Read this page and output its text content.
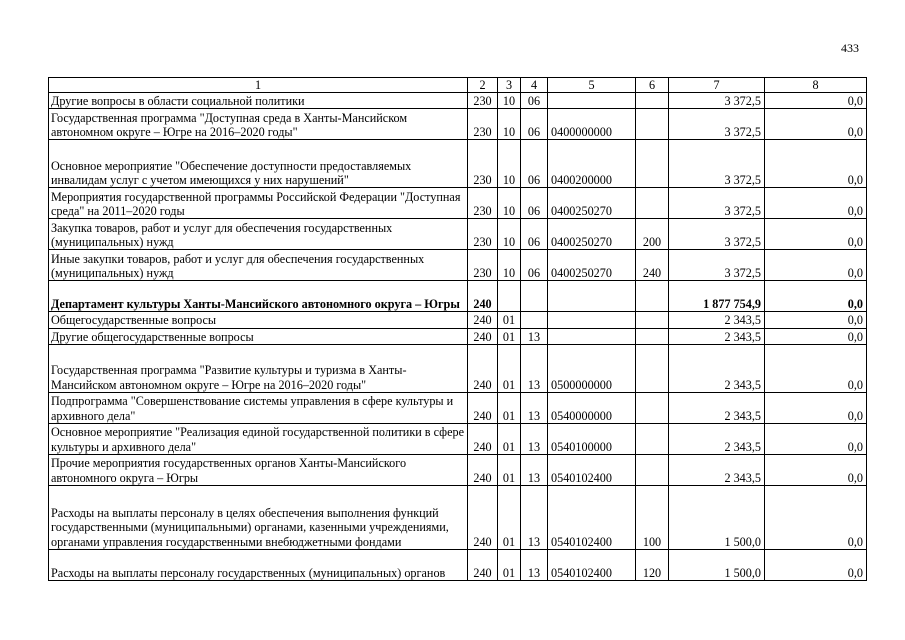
433
1	2	3	4	5	6	7	8
Другие вопросы в области социальной политики	230	10	06			3 372,5	0,0
Государственная программа "Доступная среда в Ханты-Мансийском автономном округе – Югре на 2016–2020 годы"	230	10	06	0400000000		3 372,5	0,0
Основное мероприятие "Обеспечение доступности предоставляемых инвалидам услуг с учетом имеющихся у них нарушений"	230	10	06	0400200000		3 372,5	0,0
Мероприятия государственной программы Российской Федерации "Доступная среда" на 2011–2020 годы	230	10	06	0400250270		3 372,5	0,0
Закупка товаров, работ и услуг для обеспечения государственных (муниципальных) нужд	230	10	06	0400250270	200	3 372,5	0,0
Иные закупки товаров, работ и услуг для обеспечения государственных (муниципальных) нужд	230	10	06	0400250270	240	3 372,5	0,0
Департамент культуры Ханты-Мансийского автономного округа – Югры	240					1 877 754,9	0,0
Общегосударственные вопросы	240	01				2 343,5	0,0
Другие общегосударственные вопросы	240	01	13			2 343,5	0,0
Государственная программа "Развитие культуры и туризма в Ханты-Мансийском автономном округе – Югре на 2016–2020 годы"	240	01	13	0500000000		2 343,5	0,0
Подпрограмма "Совершенствование системы управления в сфере культуры и архивного дела"	240	01	13	0540000000		2 343,5	0,0
Основное мероприятие "Реализация единой государственной политики в сфере культуры и архивного дела"	240	01	13	0540100000		2 343,5	0,0
Прочие мероприятия государственных органов Ханты-Мансийского автономного округа – Югры	240	01	13	0540102400		2 343,5	0,0
Расходы на выплаты персоналу в целях обеспечения выполнения функций государственными (муниципальными) органами, казенными учреждениями, органами управления государственными внебюджетными фондами	240	01	13	0540102400	100	1 500,0	0,0
Расходы на выплаты персоналу государственных (муниципальных) органов	240	01	13	0540102400	120	1 500,0	0,0
